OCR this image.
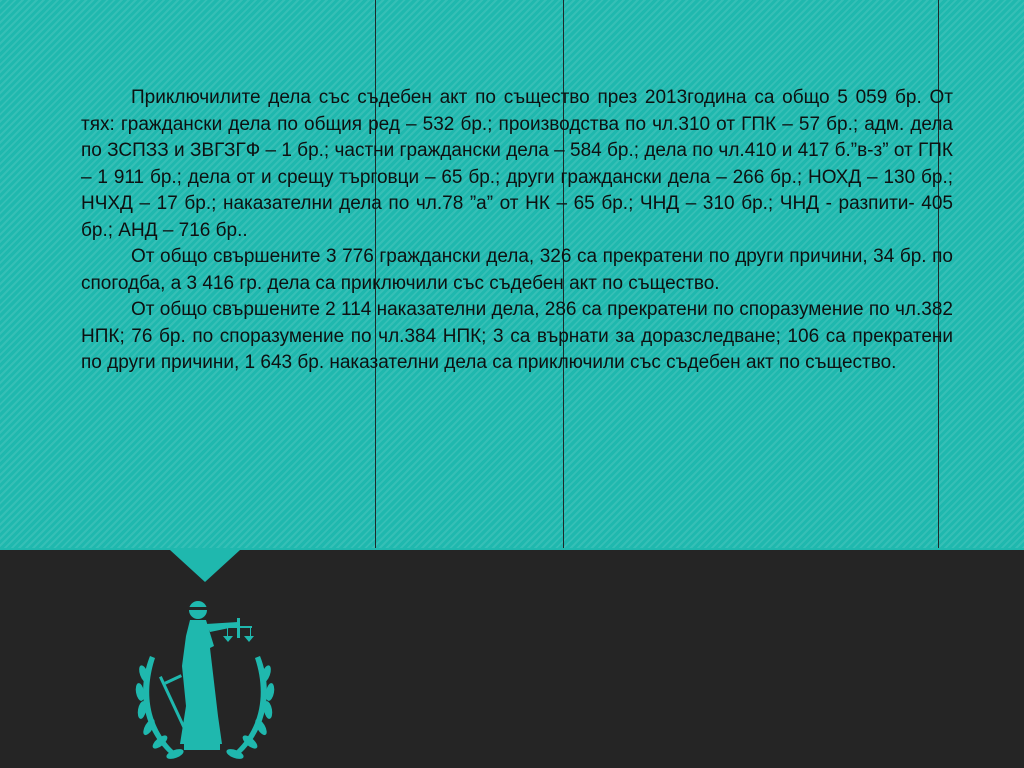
Приключилите дела със съдебен акт по същество през 2013година са общо 5 059 бр. От тях: граждански дела по общия ред – 532 бр.; производства по чл.310 от ГПК – 57 бр.; адм. дела по ЗСПЗЗ и ЗВГЗГФ – 1 бр.; частни граждански дела – 584 бр.; дела по чл.410 и 417 б.”в-з” от ГПК – 1 911 бр.; дела от и срещу търговци – 65 бр.; други граждански дела – 266 бр.; НОХД – 130 бр.; НЧХД – 17 бр.; наказателни дела по чл.78 ”а” от НК – 65 бр.; ЧНД – 310 бр.; ЧНД - разпити- 405 бр.; АНД – 716 бр..

От общо свършените 3 776 граждански дела, 326 са прекратени по други причини, 34 бр. по спогодба, а 3 416 гр. дела са приключили със съдебен акт по същество.

От общо свършените 2 114 наказателни дела, 286 са прекратени по споразумение по чл.382 НПК; 76 бр. по споразумение по чл.384 НПК; 3 са върнати за доразследване; 106 са прекратени по други причини, 1 643 бр. наказателни дела са приключили със съдебен акт по същество.
